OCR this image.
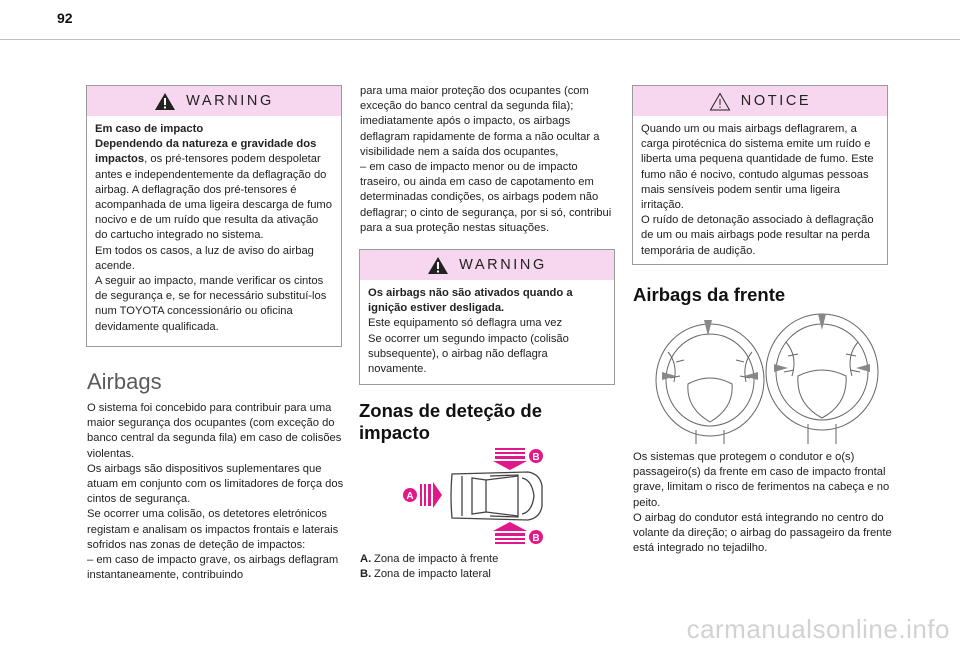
92
WARNING

Em caso de impacto

Dependendo da natureza e gravidade dos impactos, os pré-tensores podem despoletar antes e independentemente da deflagração do airbag. A deflagração dos pré-tensores é acompanhada de uma ligeira descarga de fumo nocivo e de um ruído que resulta da ativação do cartucho integrado no sistema.

Em todos os casos, a luz de aviso do airbag acende.

A seguir ao impacto, mande verificar os cintos de segurança e, se for necessário substituí-los num TOYOTA concessionário ou oficina devidamente qualificada.

Airbags

O sistema foi concebido para contribuir para uma maior segurança dos ocupantes (com exceção do banco central da segunda fila) em caso de colisões violentas.

Os airbags são dispositivos suplementares que atuam em conjunto com os limitadores de força dos cintos de segurança.

Se ocorrer uma colisão, os detetores eletrónicos registam e analisam os impactos frontais e laterais sofridos nas zonas de deteção de impactos:

– em caso de impacto grave, os airbags deflagram instantaneamente, contribuindo

para uma maior proteção dos ocupantes (com exceção do banco central da segunda fila); imediatamente após o impacto, os airbags deflagram rapidamente de forma a não ocultar a visibilidade nem a saída dos ocupantes,

– em caso de impacto menor ou de impacto traseiro, ou ainda em caso de capotamento em determinadas condições, os airbags podem não deflagrar; o cinto de segurança, por si só, contribui para a sua proteção nestas situações.

WARNING

Os airbags não são ativados quando a ignição estiver desligada.

Este equipamento só deflagra uma vez

Se ocorrer um segundo impacto (colisão subsequente), o airbag não deflagra novamente.

Zonas de deteção de impacto
A
B
B
A. Zona de impacto à frente
B. Zona de impacto lateral
NOTICE

Quando um ou mais airbags deflagrarem, a carga pirotécnica do sistema emite um ruído e liberta uma pequena quantidade de fumo. Este fumo não é nocivo, contudo algumas pessoas mais sensíveis podem sentir uma ligeira irritação.

O ruído de detonação associado à deflagração de um ou mais airbags pode resultar na perda temporária de audição.

Airbags da frente

Os sistemas que protegem o condutor e o(s) passageiro(s) da frente em caso de impacto frontal grave, limitam o risco de ferimentos na cabeça e no peito.

O airbag do condutor está integrando no centro do volante da direção; o airbag do passageiro da frente está integrado no tejadilho.

carmanualsonline.info
